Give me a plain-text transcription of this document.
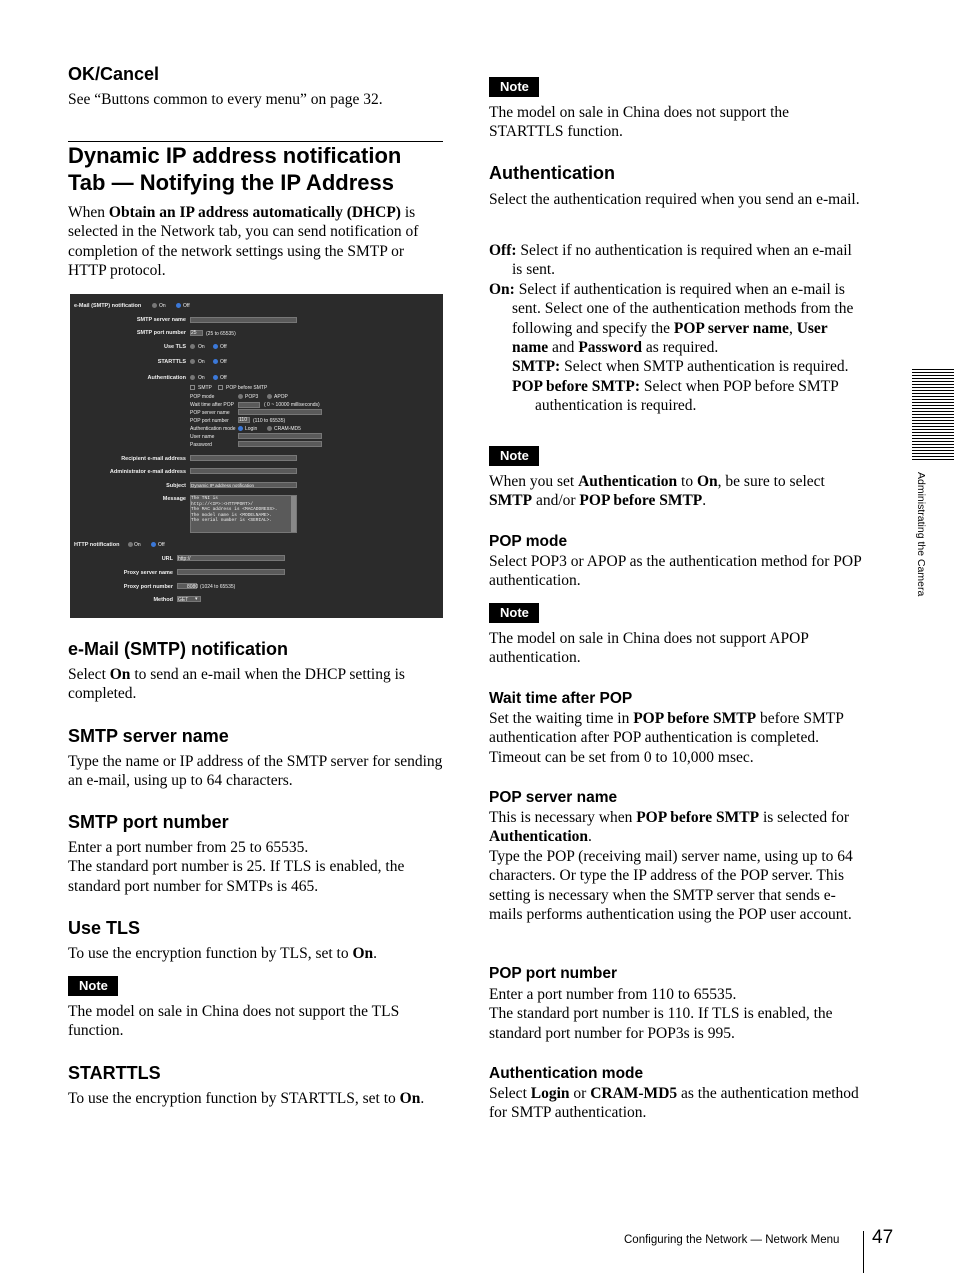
OK/Cancel
See “Buttons common to every menu” on page 32.
Dynamic IP address notification
Tab — Notifying the IP Address
When Obtain an IP address automatically (DHCP) is selected in the Network tab, you can send notification of completion of the network settings using the SMTP or HTTP protocol.
e-Mail (SMTP) notification	On	Off
SMTP server name
SMTP port number 25 (25 to 65535)
Use TLS On	Off
STARTTLS On	Off
Authentication On	Off
SMTP	POP before SMTP
POP mode	POP3	APOP
Wait time after POP	( 0 ~ 10000 milliseconds)
POP server name
POP port number 110 (110 to 65535)
Authentication mode Login	CRAM-MD5
User name
Password
Recipient e-mail address
Administrator e-mail address
Subject Dynamic IP address notification
Message The TNI is
http://<IP>:<HTTPPORT>/
The MAC address is <MACADDRESS>.
The model name is <MODELNAME>.
The serial number is <SERIAL>.
HTTP notification	On	Off
URL http://
Proxy server name
Proxy port number	8080 (1024 to 65535)
Method GET ▾
e-Mail (SMTP) notification
Select On to send an e-mail when the DHCP setting is completed.
SMTP server name
Type the name or IP address of the SMTP server for sending an e-mail, using up to 64 characters.
SMTP port number
Enter a port number from 25 to 65535.
The standard port number is 25. If TLS is enabled, the standard port number for SMTPs is 465.
Use TLS
To use the encryption function by TLS, set to On.
Note
The model on sale in China does not support the TLS function.
STARTTLS
To use the encryption function by STARTTLS, set to On.
Note
The model on sale in China does not support the STARTTLS function.
Authentication
Select the authentication required when you send an e-mail.
Off: Select if no authentication is required when an e-mail is sent.
On: Select if authentication is required when an e-mail is sent. Select one of the authentication methods from the following and specify the POP server name, User name and Password as required.
SMTP: Select when SMTP authentication is required.
POP before SMTP: Select when POP before SMTP authentication is required.
Note
When you set Authentication to On, be sure to select SMTP and/or POP before SMTP.
POP mode
Select POP3 or APOP as the authentication method for POP authentication.
Note
The model on sale in China does not support APOP authentication.
Wait time after POP
Set the waiting time in POP before SMTP before SMTP authentication after POP authentication is completed. Timeout can be set from 0 to 10,000 msec.
POP server name
This is necessary when POP before SMTP is selected for Authentication.
Type the POP (receiving mail) server name, using up to 64 characters. Or type the IP address of the POP server. This setting is necessary when the SMTP server that sends e-mails performs authentication using the POP user account.
POP port number
Enter a port number from 110 to 65535.
The standard port number is 110. If TLS is enabled, the standard port number for POP3s is 995.
Authentication mode
Select Login or CRAM-MD5 as the authentication method for SMTP authentication.
Administrating the Camera
Configuring the Network — Network Menu 47
